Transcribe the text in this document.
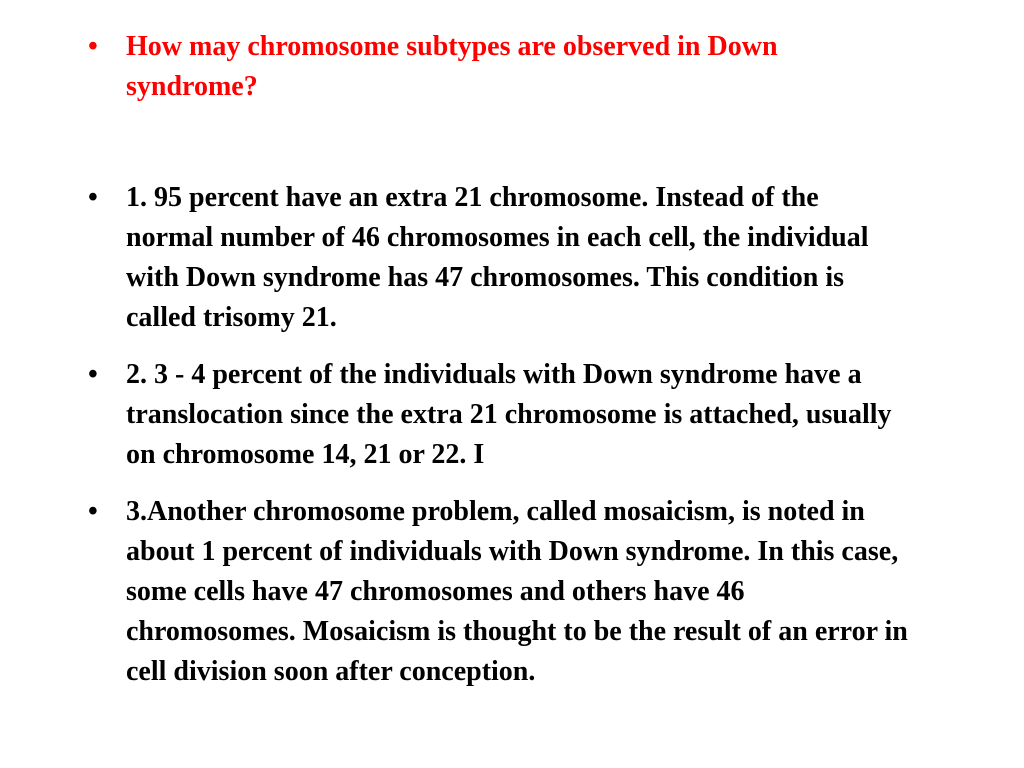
•	How may chromosome subtypes are observed in Down syndrome?
•	1. 95 percent have an extra 21 chromosome. Instead of the normal number of 46 chromosomes in each cell, the individual with Down syndrome has 47 chromosomes. This condition is called trisomy 21.
•	2. 3 - 4 percent of the individuals with Down syndrome have a translocation since the extra 21 chromosome is attached, usually on chromosome 14, 21 or 22. I
•	3.Another chromosome problem, called mosaicism, is noted in about 1 percent of individuals with Down syndrome. In this case, some cells have 47 chromosomes and others have 46 chromosomes. Mosaicism is thought to be the result of an error in cell division soon after conception.
